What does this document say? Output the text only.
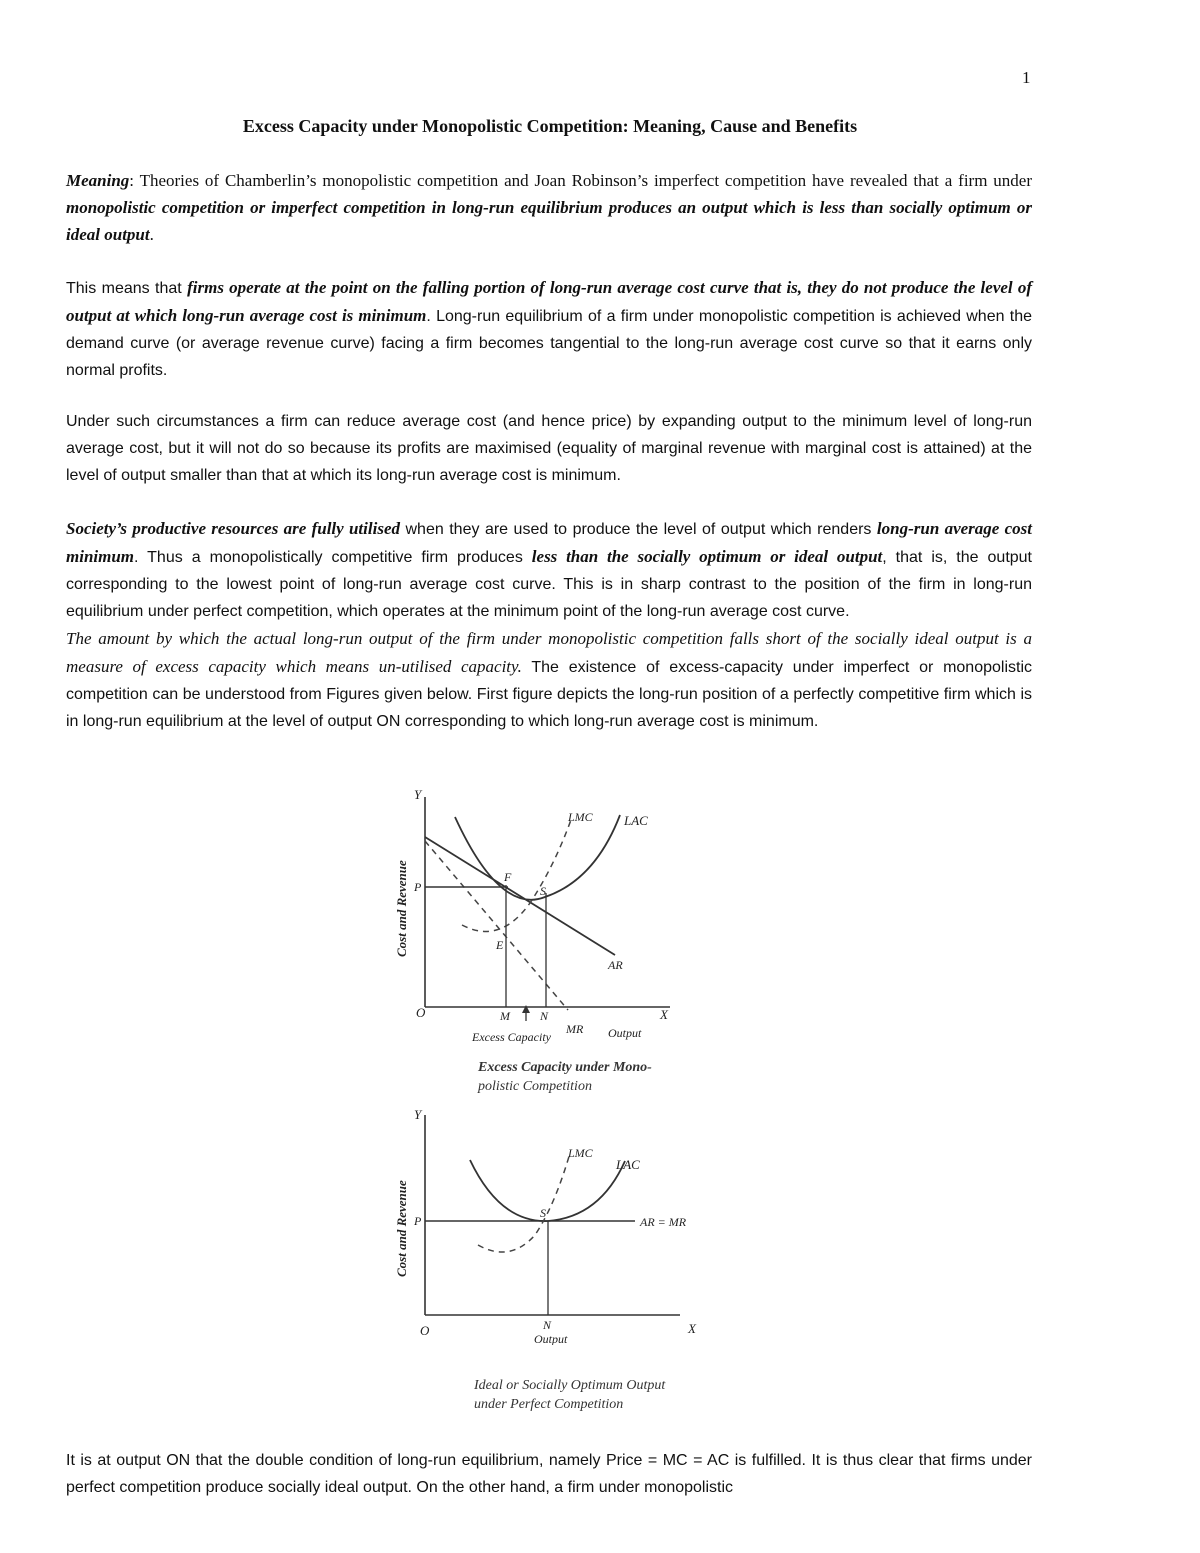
1
Excess Capacity under Monopolistic Competition: Meaning, Cause and Benefits
Meaning: Theories of Chamberlin’s monopolistic competition and Joan Robinson’s imperfect competition have revealed that a firm under monopolistic competition or imperfect competition in long-run equilibrium produces an output which is less than socially optimum or ideal output.
This means that firms operate at the point on the falling portion of long-run average cost curve that is, they do not produce the level of output at which long-run average cost is minimum. Long-run equilibrium of a firm under monopolistic competition is achieved when the demand curve (or average revenue curve) facing a firm becomes tangential to the long-run average cost curve so that it earns only normal profits.
Under such circumstances a firm can reduce average cost (and hence price) by expanding output to the minimum level of long-run average cost, but it will not do so because its profits are maximised (equality of marginal revenue with marginal cost is attained) at the level of output smaller than that at which its long-run average cost is minimum.
Society’s productive resources are fully utilised when they are used to produce the level of output which renders long-run average cost minimum. Thus a monopolistically competitive firm produces less than the socially optimum or ideal output, that is, the output corresponding to the lowest point of long-run average cost curve. This is in sharp contrast to the position of the firm in long-run equilibrium under perfect competition, which operates at the minimum point of the long-run average cost curve.
The amount by which the actual long-run output of the firm under monopolistic competition falls short of the socially ideal output is a measure of excess capacity which means un-utilised capacity. The existence of excess-capacity under imperfect or monopolistic competition can be understood from Figures given below. First figure depicts the long-run position of a perfectly competitive firm which is in long-run equilibrium at the level of output ON corresponding to which long-run average cost is minimum.
Y
X
O
Cost and Revenue P
F
S
E
M	N
LMC LAC
AR
MR Output
Excess Capacity
Excess Capacity under Mono-
polistic Competition
Y
X
O
Cost and Revenue P
S
N
Output
LMC
LAC
AR = MR
Ideal or Socially Optimum Output
under Perfect Competition
It is at output ON that the double condition of long-run equilibrium, namely Price = MC = AC is fulfilled. It is thus clear that firms under perfect competition produce socially ideal output. On the other hand, a firm under monopolistic
